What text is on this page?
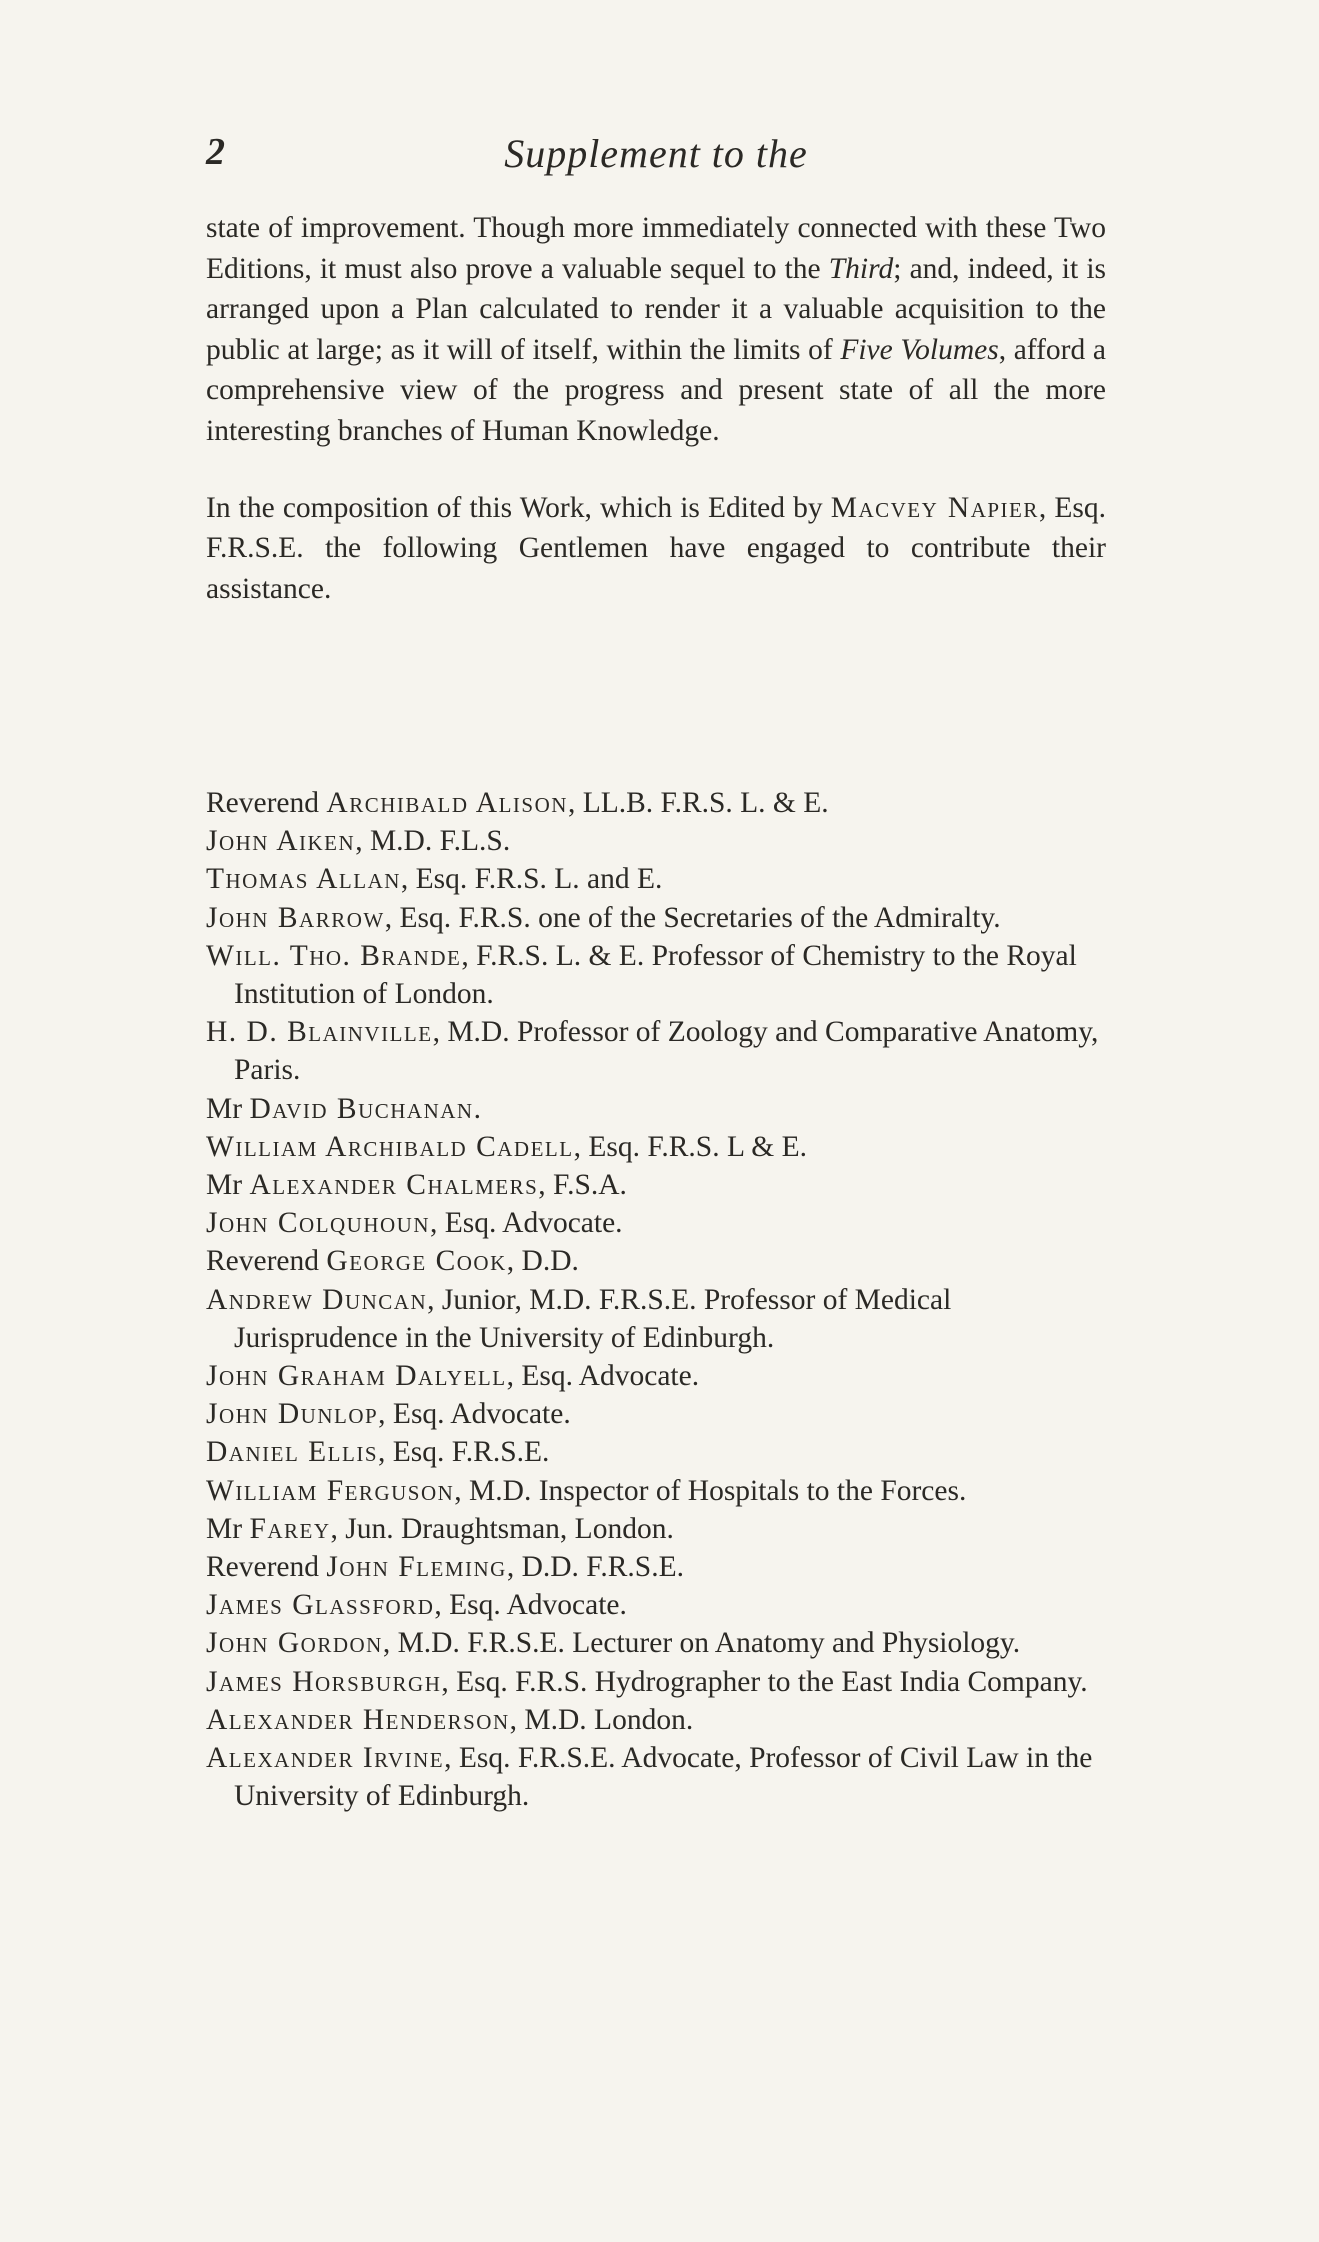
2	Supplement to the

state of improvement. Though more immediately connected with these Two Editions, it must also prove a valuable sequel to the Third; and, indeed, it is arranged upon a Plan calculated to render it a valuable acquisition to the public at large; as it will of itself, within the limits of Five Volumes, afford a comprehensive view of the progress and present state of all the more interesting branches of Human Knowledge.

In the composition of this Work, which is Edited by Macvey Napier, Esq. F.R.S.E. the following Gentlemen have engaged to contribute their assistance.

Reverend Archibald Alison, LL.B. F.R.S. L. & E.

John Aiken, M.D. F.L.S.

Thomas Allan, Esq. F.R.S. L. and E.

John Barrow, Esq. F.R.S. one of the Secretaries of the Admiralty.

Will. Tho. Brande, F.R.S. L. & E. Professor of Chemistry to the Royal Institution of London.

H. D. Blainville, M.D. Professor of Zoology and Comparative Anatomy, Paris.

Mr David Buchanan.

William Archibald Cadell, Esq. F.R.S. L & E.

Mr Alexander Chalmers, F.S.A.

John Colquhoun, Esq. Advocate.

Reverend George Cook, D.D.

Andrew Duncan, Junior, M.D. F.R.S.E. Professor of Medical Jurisprudence in the University of Edinburgh.

John Graham Dalyell, Esq. Advocate.

John Dunlop, Esq. Advocate.

Daniel Ellis, Esq. F.R.S.E.

William Ferguson, M.D. Inspector of Hospitals to the Forces.

Mr Farey, Jun. Draughtsman, London.

Reverend John Fleming, D.D. F.R.S.E.

James Glassford, Esq. Advocate.

John Gordon, M.D. F.R.S.E. Lecturer on Anatomy and Physiology.

James Horsburgh, Esq. F.R.S. Hydrographer to the East India Company.

Alexander Henderson, M.D. London.

Alexander Irvine, Esq. F.R.S.E. Advocate, Professor of Civil Law in the University of Edinburgh.
